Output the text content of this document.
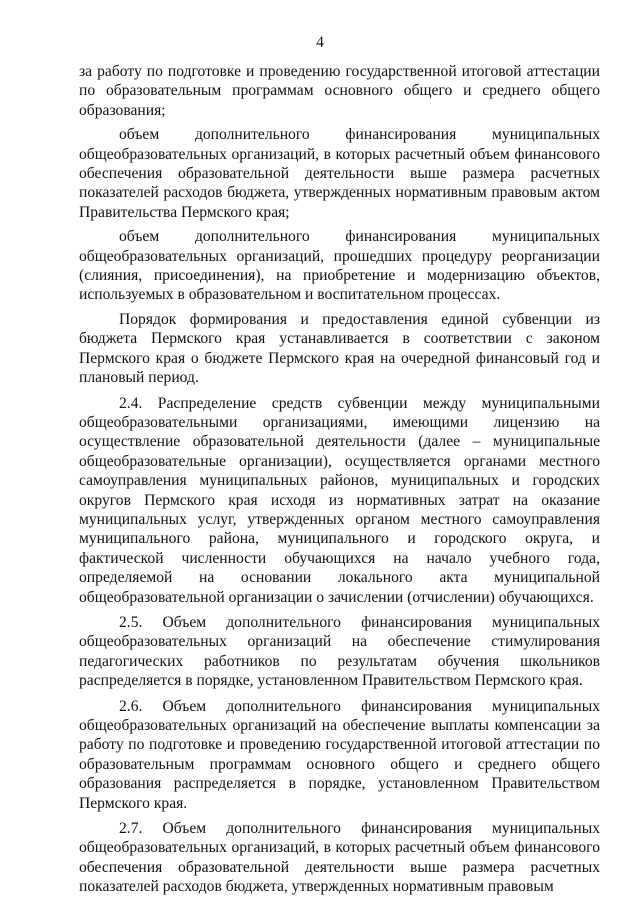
4

за работу по подготовке и проведению государственной итоговой аттестации по образовательным программам основного общего и среднего общего образования;

объем дополнительного финансирования муниципальных общеобразовательных организаций, в которых расчетный объем финансового обеспечения образовательной деятельности выше размера расчетных показателей расходов бюджета, утвержденных нормативным правовым актом Правительства Пермского края;

объем дополнительного финансирования муниципальных общеобразовательных организаций, прошедших процедуру реорганизации (слияния, присоединения), на приобретение и модернизацию объектов, используемых в образовательном и воспитательном процессах.

Порядок формирования и предоставления единой субвенции из бюджета Пермского края устанавливается в соответствии с законом Пермского края о бюджете Пермского края на очередной финансовый год и плановый период.

2.4. Распределение средств субвенции между муниципальными общеобразовательными организациями, имеющими лицензию на осуществление образовательной деятельности (далее – муниципальные общеобразовательные организации), осуществляется органами местного самоуправления муниципальных районов, муниципальных и городских округов Пермского края исходя из нормативных затрат на оказание муниципальных услуг, утвержденных органом местного самоуправления муниципального района, муниципального и городского округа, и фактической численности обучающихся на начало учебного года, определяемой на основании локального акта муниципальной общеобразовательной организации о зачислении (отчислении) обучающихся.

2.5. Объем дополнительного финансирования муниципальных общеобразовательных организаций на обеспечение стимулирования педагогических работников по результатам обучения школьников распределяется в порядке, установленном Правительством Пермского края.

2.6. Объем дополнительного финансирования муниципальных общеобразовательных организаций на обеспечение выплаты компенсации за работу по подготовке и проведению государственной итоговой аттестации по образовательным программам основного общего и среднего общего образования распределяется в порядке, установленном Правительством Пермского края.

2.7. Объем дополнительного финансирования муниципальных общеобразовательных организаций, в которых расчетный объем финансового обеспечения образовательной деятельности выше размера расчетных показателей расходов бюджета, утвержденных нормативным правовым
